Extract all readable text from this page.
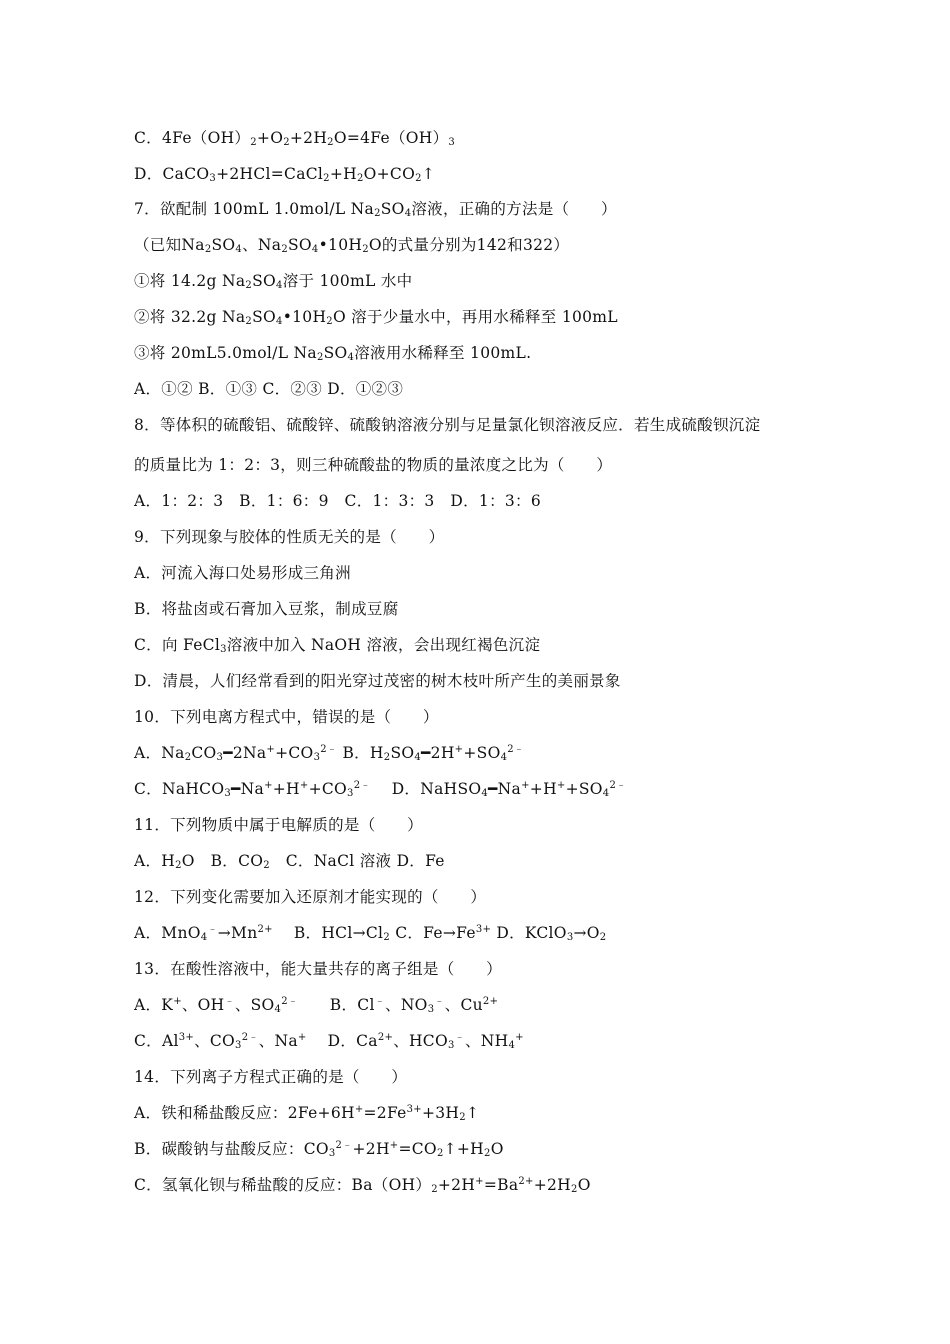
C．$4Fe(OH)_2+O_2+2H_2O=4Fe(OH)_3$
D．$CaCO_3+2HCl=CaCl_2+H_2O+CO_2↑$
7．欲配制 100mL 1.0mol/L $Na_2SO_4$溶液，正确的方法是（　　）
（已知$Na_2SO_4$、$Na_2SO_4•10H_2O$的式量分别为142和322）
①将 14.2g $Na_2SO_4$溶于 100mL 水中
②将 32.2g $Na_2SO_4•10H_2O$ 溶于少量水中，再用水稀释至 100mL
③将 20mL5.0mol/L $Na_2SO_4$溶液用水稀释至 100mL.
A．①② B．①③ C．②③ D．①②③
8．等体积的硫酸铝、硫酸锌、硫酸钠溶液分别与足量氯化钡溶液反应．若生成硫酸钡沉淀
的质量比为 1：2：3，则三种硫酸盐的物质的量浓度之比为（　　）
A．1：2：3　B．1：6：9　C．1：3：3　D．1：3：6
9．下列现象与胶体的性质无关的是（　　）
A．河流入海口处易形成三角洲
B．将盐卤或石膏加入豆浆，制成豆腐
C．向 FeCl$_3$溶液中加入 NaOH 溶液，会出现红褐色沉淀
D．清晨，人们经常看到的阳光穿过茂密的树木枝叶所产生的美丽景象
10．下列电离方程式中，错误的是（　　）
A．$Na_2CO_3━2Na^++CO_3^{2﹣}$ B．$H_2SO_4━2H^++SO_4^{2﹣}$
C．$NaHCO_3━Na^++H^++CO_3^{2﹣}$　 D．$NaHSO_4━Na^++H^++SO_4^{2﹣}$
11．下列物质中属于电解质的是（　　）
A．$H_2O$　B．$CO_2$　C．NaCl 溶液 D．Fe
12．下列变化需要加入还原剂才能实现的（　　）
A．$MnO_4^﹣\to Mn^{2+}$　 B．$HCl\to Cl_2$ C．$Fe\to Fe^{3+}$ D．$KClO_3\to O_2$
13．在酸性溶液中，能大量共存的离子组是（　　）
A．K+、OH﹣、$SO_4^{2﹣}$　　B．Cl﹣、$NO_3^﹣$、$Cu^{2+}$
C．$Al^{3+}$、$CO_3^{2﹣}$、Na+　 D．$Ca^{2+}$、$HCO_3^﹣$、$NH_4^+$
14．下列离子方程式正确的是（　　）
A．铁和稀盐酸反应：$2Fe+6H^+=2Fe^{3+}+3H_2↑$
B．碳酸钠与盐酸反应：$CO_3^{2﹣}+2H^+=CO_2↑+H_2O$
C．氢氧化钡与稀盐酸的反应：$Ba(OH)_2+2H^+=Ba^{2+}+2H_2O$
